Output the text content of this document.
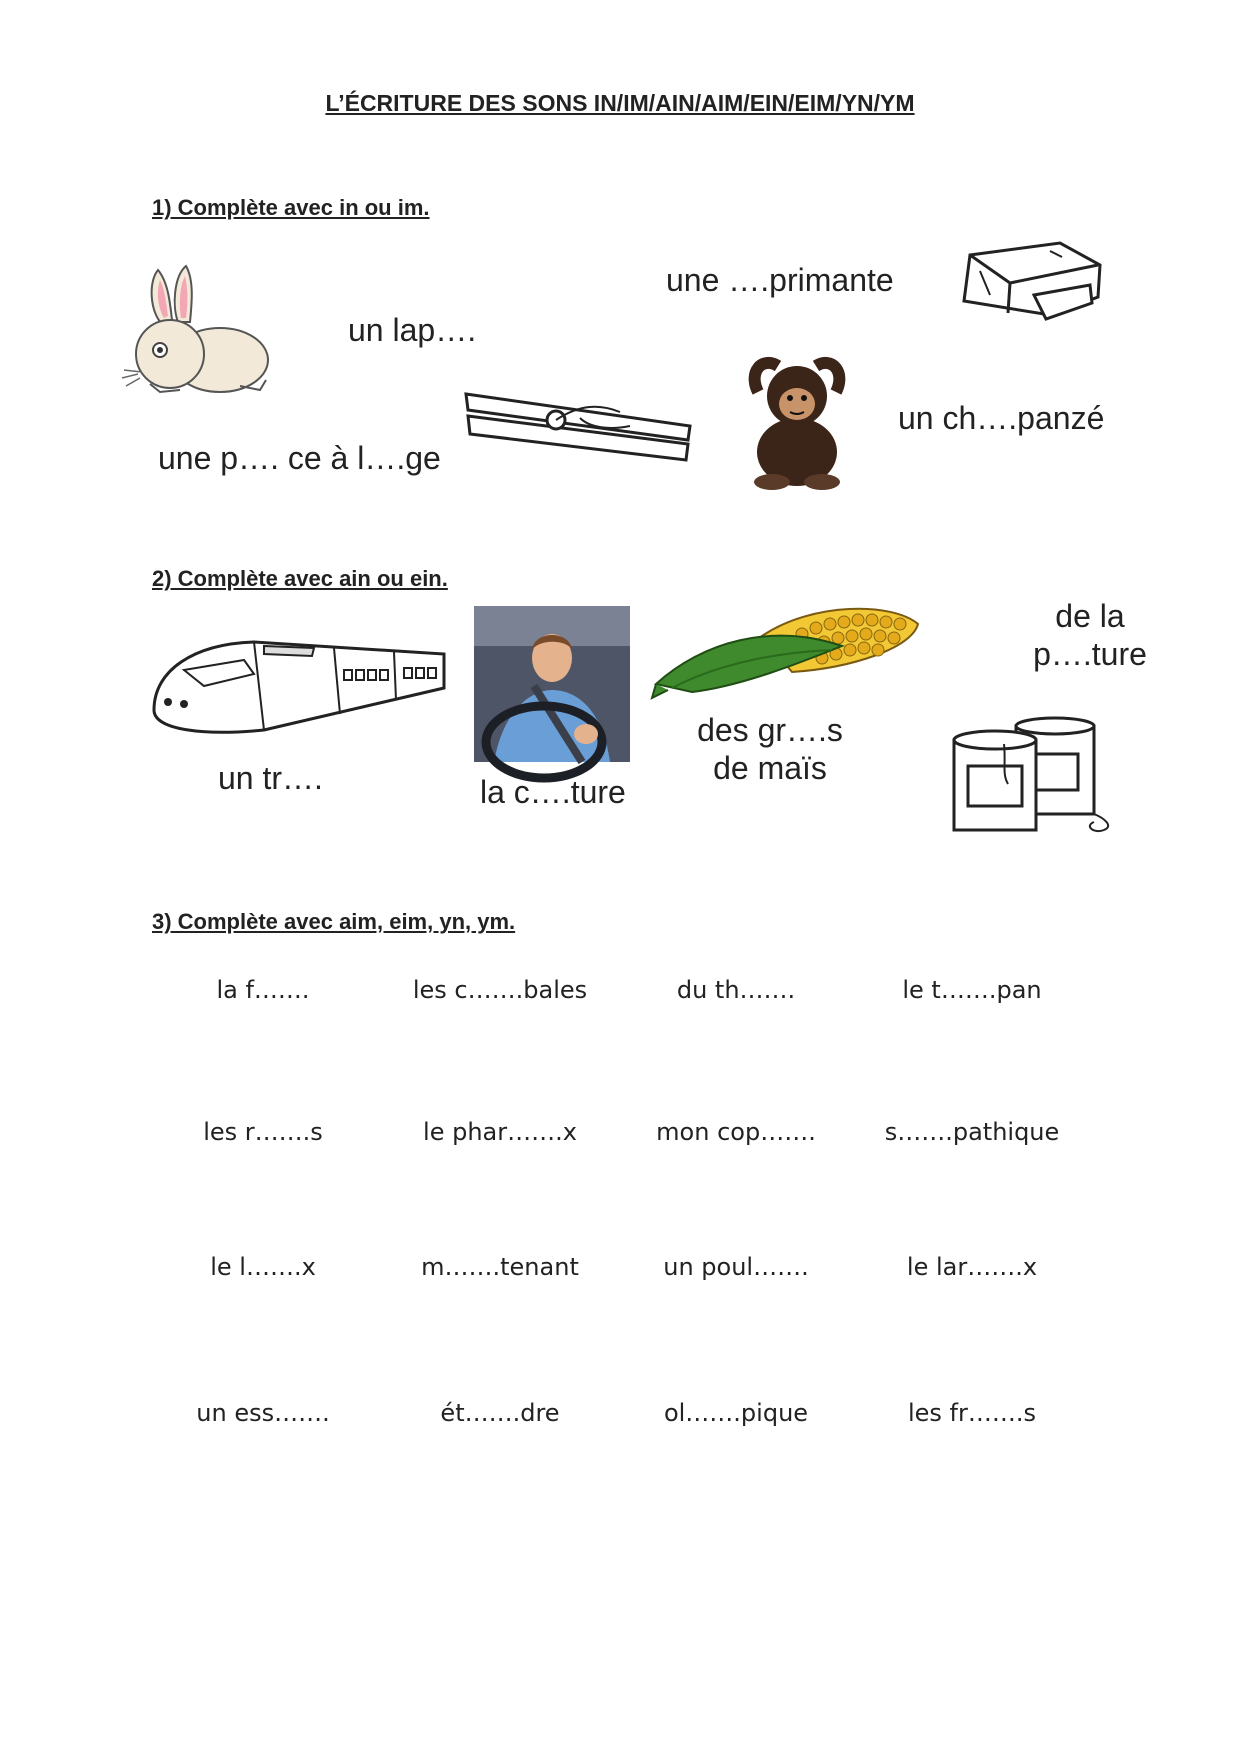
L’ÉCRITURE DES SONS IN/IM/AIN/AIM/EIN/EIM/YN/YM
1) Complète avec in ou im.
un lap….
une ….primante
une p…. ce à l….ge
un ch….panzé
2) Complète avec ain ou ein.
un tr….	la c….ture
des gr….s
de maïs
de la
p….ture
3) Complète avec aim, eim, yn, ym.
la f…….	les c…….bales	du th…….	le t…….pan
les r…….s	le phar…….x	mon cop…….	s…….pathique
le l…….x	m…….tenant	un poul…….	le lar…….x
un ess…….	ét…….dre	ol…….pique	les fr…….s
